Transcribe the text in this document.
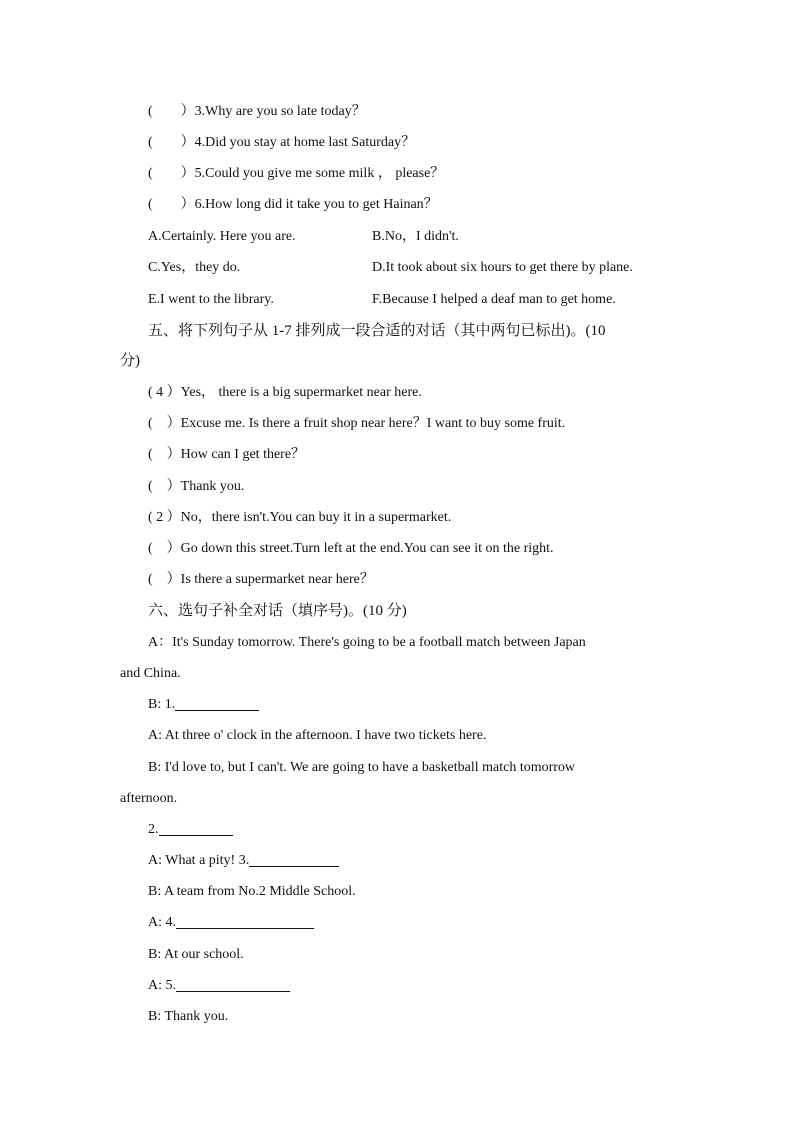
(　　）3.Why are you so late today？
(　　）4.Did you stay at home last Saturday？
(　　）5.Could you give me some milk ， please？
(　　）6.How long did it take you to get Hainan？
A.Certainly. Here you are.	B.No，I didn't.
C.Yes，they do.	D.It took about six hours to get there by plane.
E.I went to the library.	F.Because I helped a deaf man to get home.
五、将下列句子从 1-7 排列成一段合适的对话（其中两句已标出)。(10
分)
( 4 ）Yes， there is a big supermarket near here.
(　）Excuse me. Is there a fruit shop near here？I want to buy some fruit.
(　）How can I get there？
(　）Thank you.
( 2 ）No，there isn't.You can buy it in a supermarket.
(　）Go down this street.Turn left at the end.You can see it on the right.
(　）Is there a supermarket near here？
六、选句子补全对话（填序号)。(10 分)
A：It's Sunday tomorrow. There's going to be a football match between Japan
and China.
B: 1.
A: At three o' clock in the afternoon. I have two tickets here.
B: I'd love to, but I can't. We are going to have a basketball match tomorrow
afternoon.
2.
A: What a pity! 3.
B: A team from No.2 Middle School.
A: 4.
B: At our school.
A: 5.
B: Thank you.
